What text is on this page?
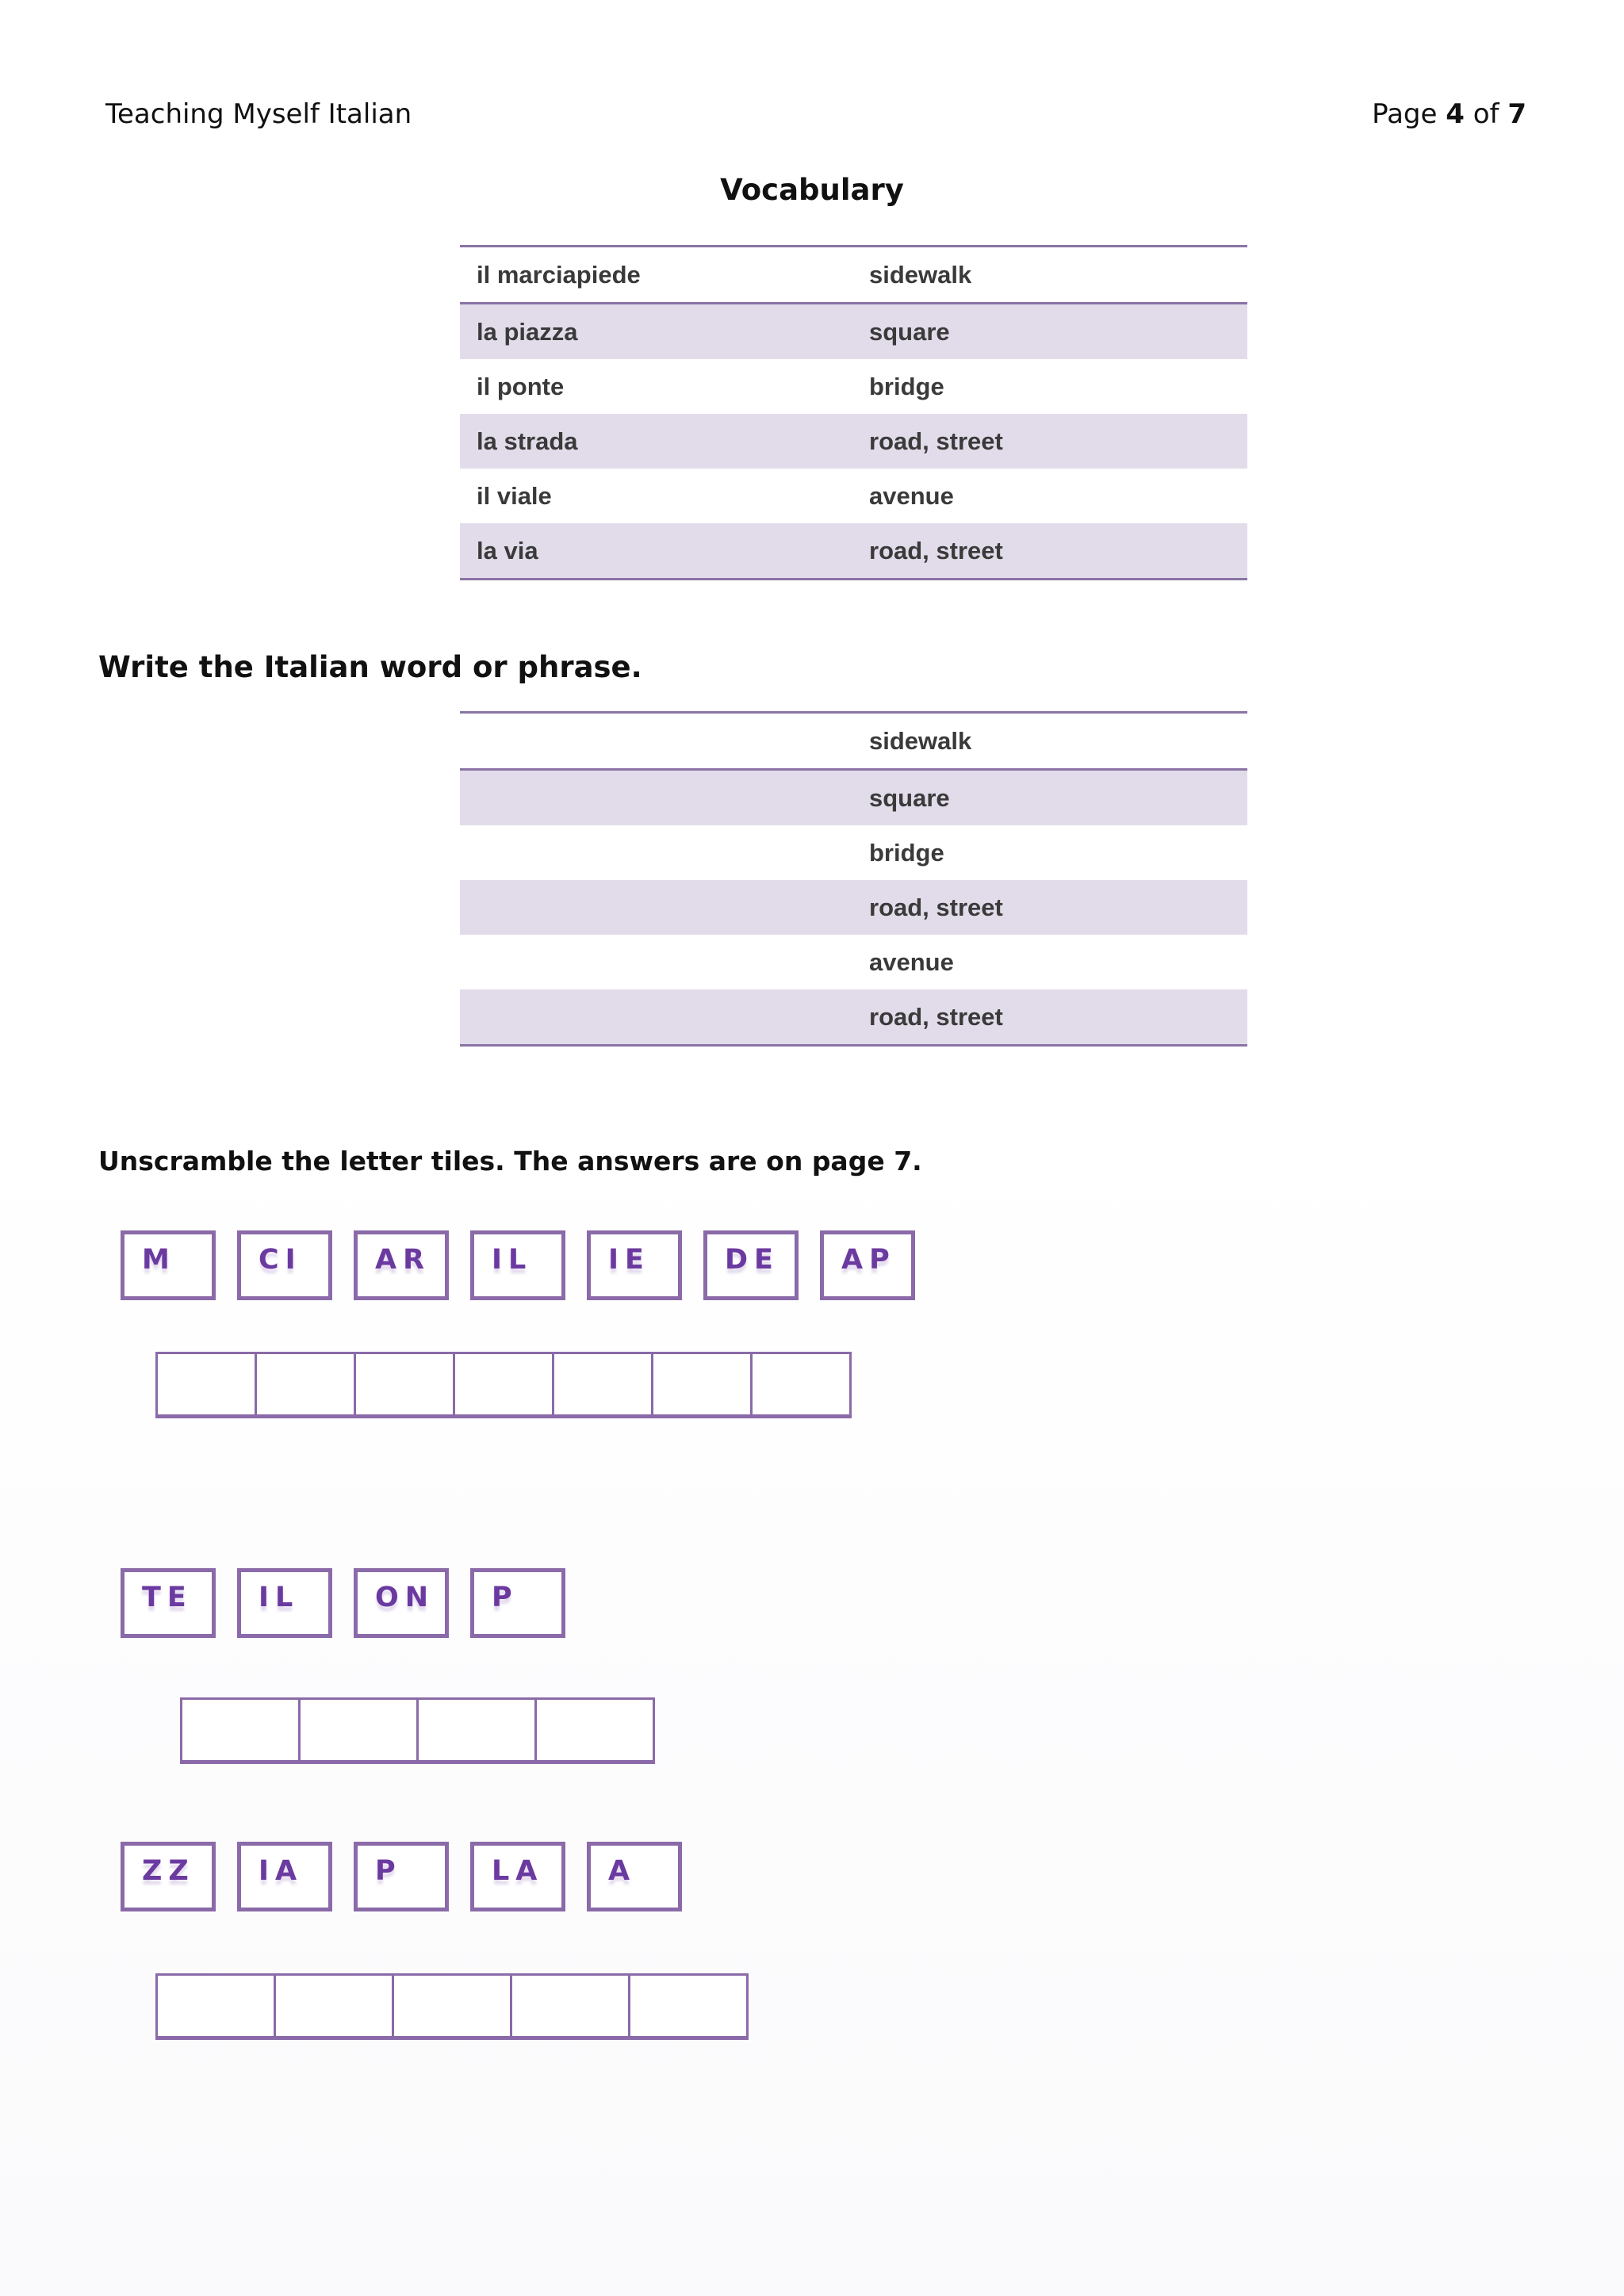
Teaching Myself Italian	Page 4 of 7
Vocabulary
il marciapiede	sidewalk
la piazza	square
il ponte	bridge
la strada	road, street
il viale	avenue
la via	road, street
Write the Italian word or phrase.
	sidewalk
	square
	bridge
	road, street
	avenue
	road, street
Unscramble the letter tiles. The answers are on page 7.
M	CI	AR	IL	IE	DE	AP
TE	IL	ON	P
ZZ	IA	P	LA	A
